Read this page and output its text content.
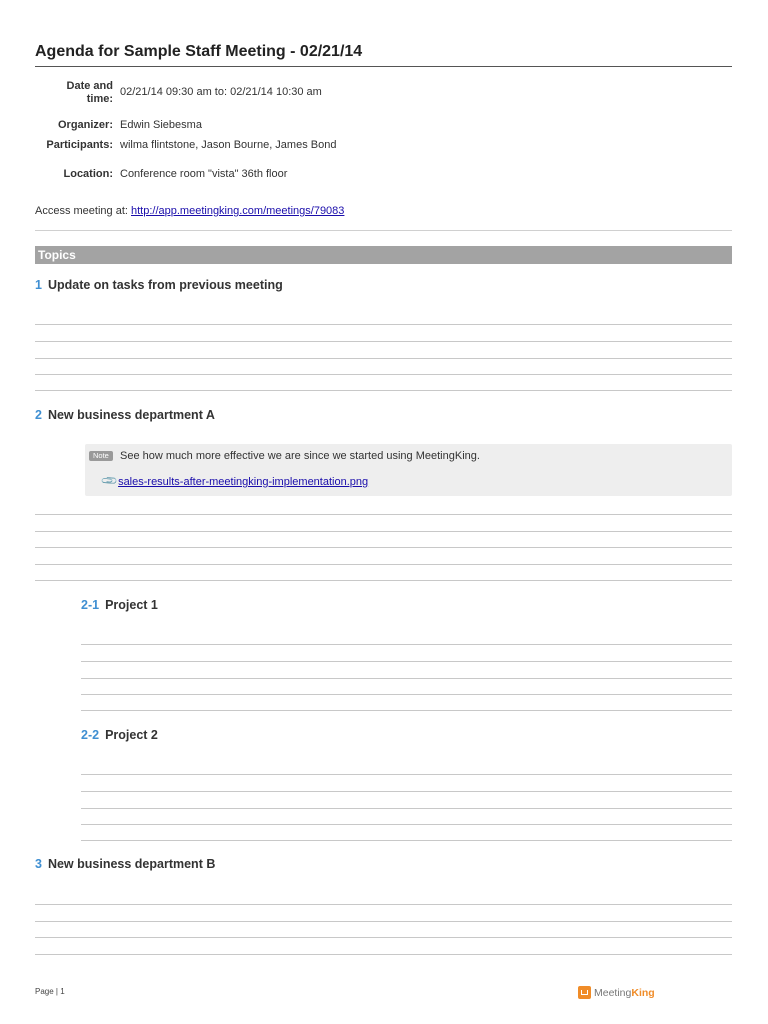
Agenda for Sample Staff Meeting - 02/21/14
Date and
time:
02/21/14 09:30 am to: 02/21/14 10:30 am
Organizer: Edwin Siebesma
Participants: wilma flintstone, Jason Bourne, James Bond
Location: Conference room "vista" 36th floor
Access meeting at: http://app.meetingking.com/meetings/79083
Topics
1 Update on tasks from previous meeting
2 New business department A
Note	See how much more effective we are since we started using MeetingKing.
📎 sales-results-after-meetingking-implementation.png
2-1 Project 1
2-2 Project 2
3 New business department B
Page | 1	MeetingKing
